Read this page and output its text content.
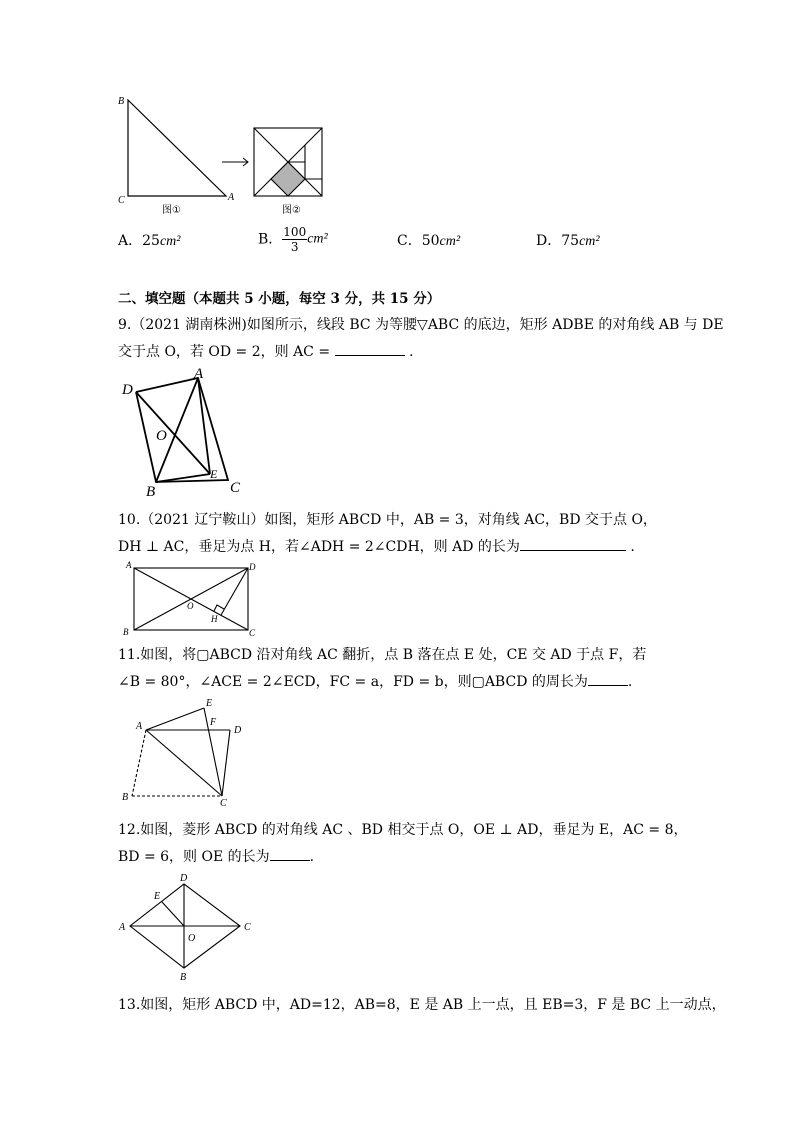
B
C	A
图①	图②
A．25cm²	B． $\frac{100}{3} cm^2$	C．50cm²	D．75cm²
二、填空题（本题共 5 小题，每空 3 分，共 15 分）
9.（2021 湖南株洲)如图所示，线段 BC 为等腰▽ABC 的底边，矩形 ADBE 的对角线 AB 与 DE
交于点 O，若 OD = 2，则 AC =	.
D
A
O
E
B	C
10.（2021 辽宁鞍山）如图，矩形 ABCD 中，AB = 3，对角线 AC，BD 交于点 O，
DH ⊥ AC，垂足为点 H，若∠ADH = 2∠CDH，则 AD 的长为	.
A	D
O
H
B	C
11.如图，将▢ABCD 沿对角线 AC 翻折，点 B 落在点 E 处，CE 交 AD 于点 F，若
∠B = 80°，∠ACE = 2∠ECD，FC = a，FD = b，则▢ABCD 的周长为	.
E
F
A	D
B
C
12.如图，菱形 ABCD 的对角线 AC 、BD 相交于点 O，OE ⊥ AD，垂足为 E，AC = 8，
BD = 6，则 OE 的长为	.
D
E
A
O
C
B
13.如图，矩形 ABCD 中，AD=12，AB=8，E 是 AB 上一点，且 EB=3，F 是 BC 上一动点，
